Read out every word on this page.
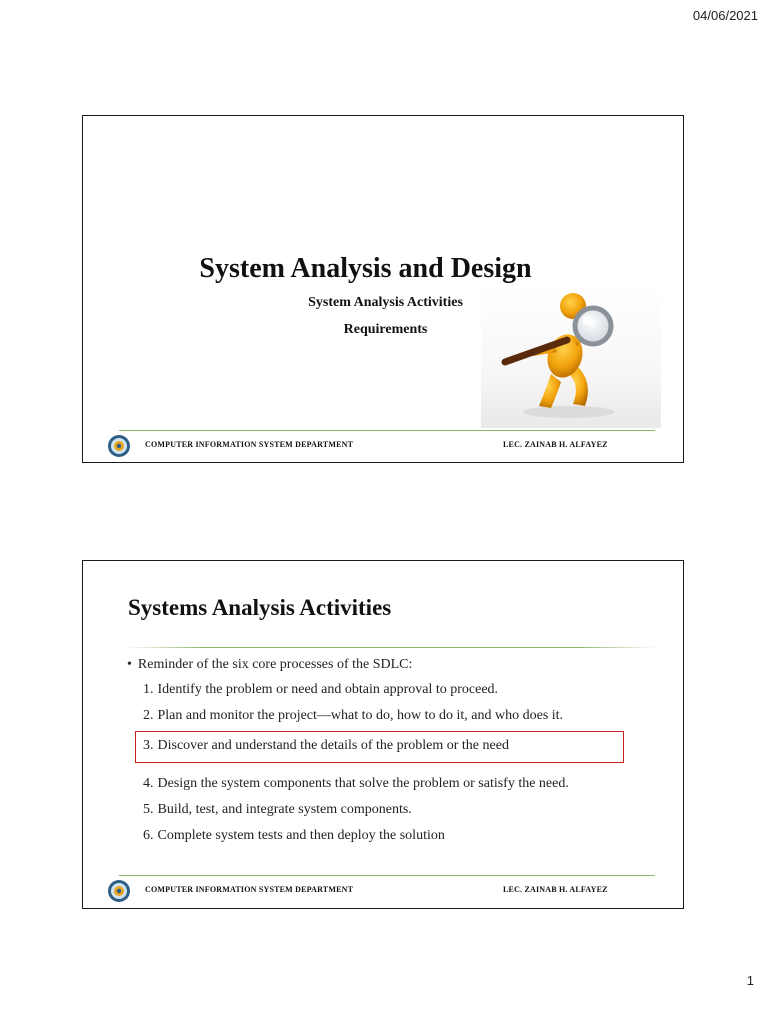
04/06/2021
System Analysis and Design
System Analysis Activities
Requirements
COMPUTER INFORMATION SYSTEM DEPARTMENT	LEC. ZAINAB H. ALFAYEZ
Systems Analysis Activities
• Reminder of the six core processes of the SDLC:
1. Identify the problem or need and obtain approval to proceed.
2. Plan and monitor the project—what to do, how to do it, and who does it.
3. Discover and understand the details of the problem or the need
4. Design the system components that solve the problem or satisfy the need.
5. Build, test, and integrate system components.
6. Complete system tests and then deploy the solution
COMPUTER INFORMATION SYSTEM DEPARTMENT	LEC. ZAINAB H. ALFAYEZ
1
